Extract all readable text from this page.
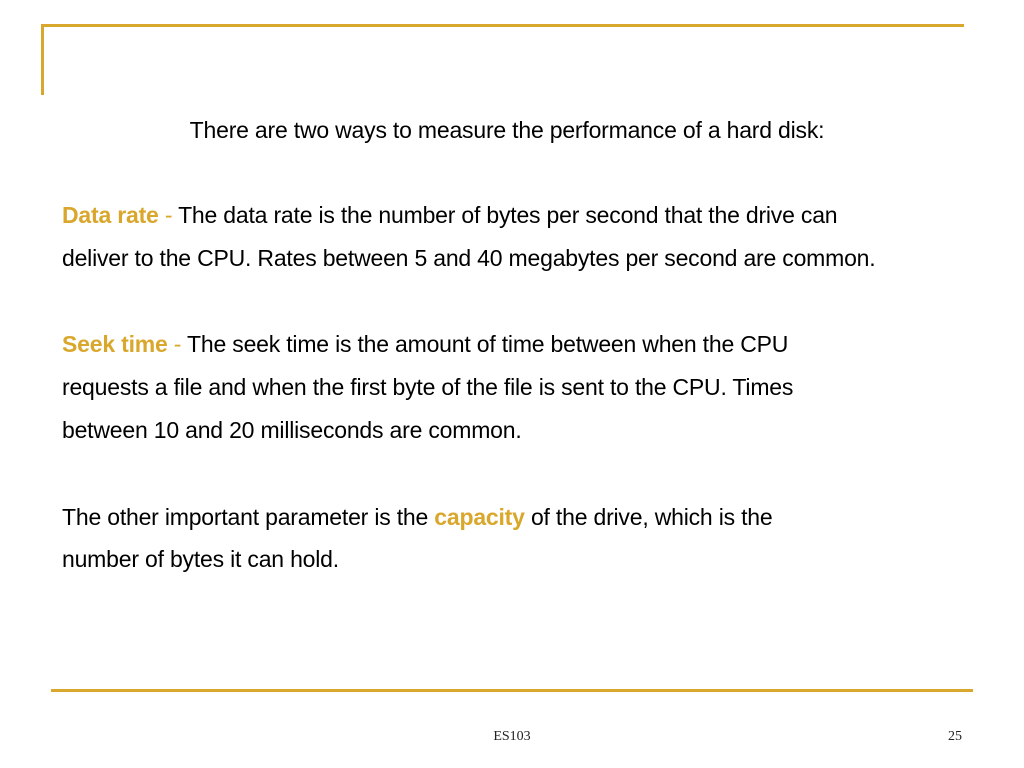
There are two ways to measure the performance of a hard disk:
Data rate - The data rate is the number of bytes per second that the drive can
deliver to the CPU. Rates between 5 and 40 megabytes per second are common.
Seek time - The seek time is the amount of time between when the CPU
requests a file and when the first byte of the file is sent to the CPU. Times
between 10 and 20 milliseconds are common.
The other important parameter is the capacity of the drive, which is the
number of bytes it can hold.
ES103	25
